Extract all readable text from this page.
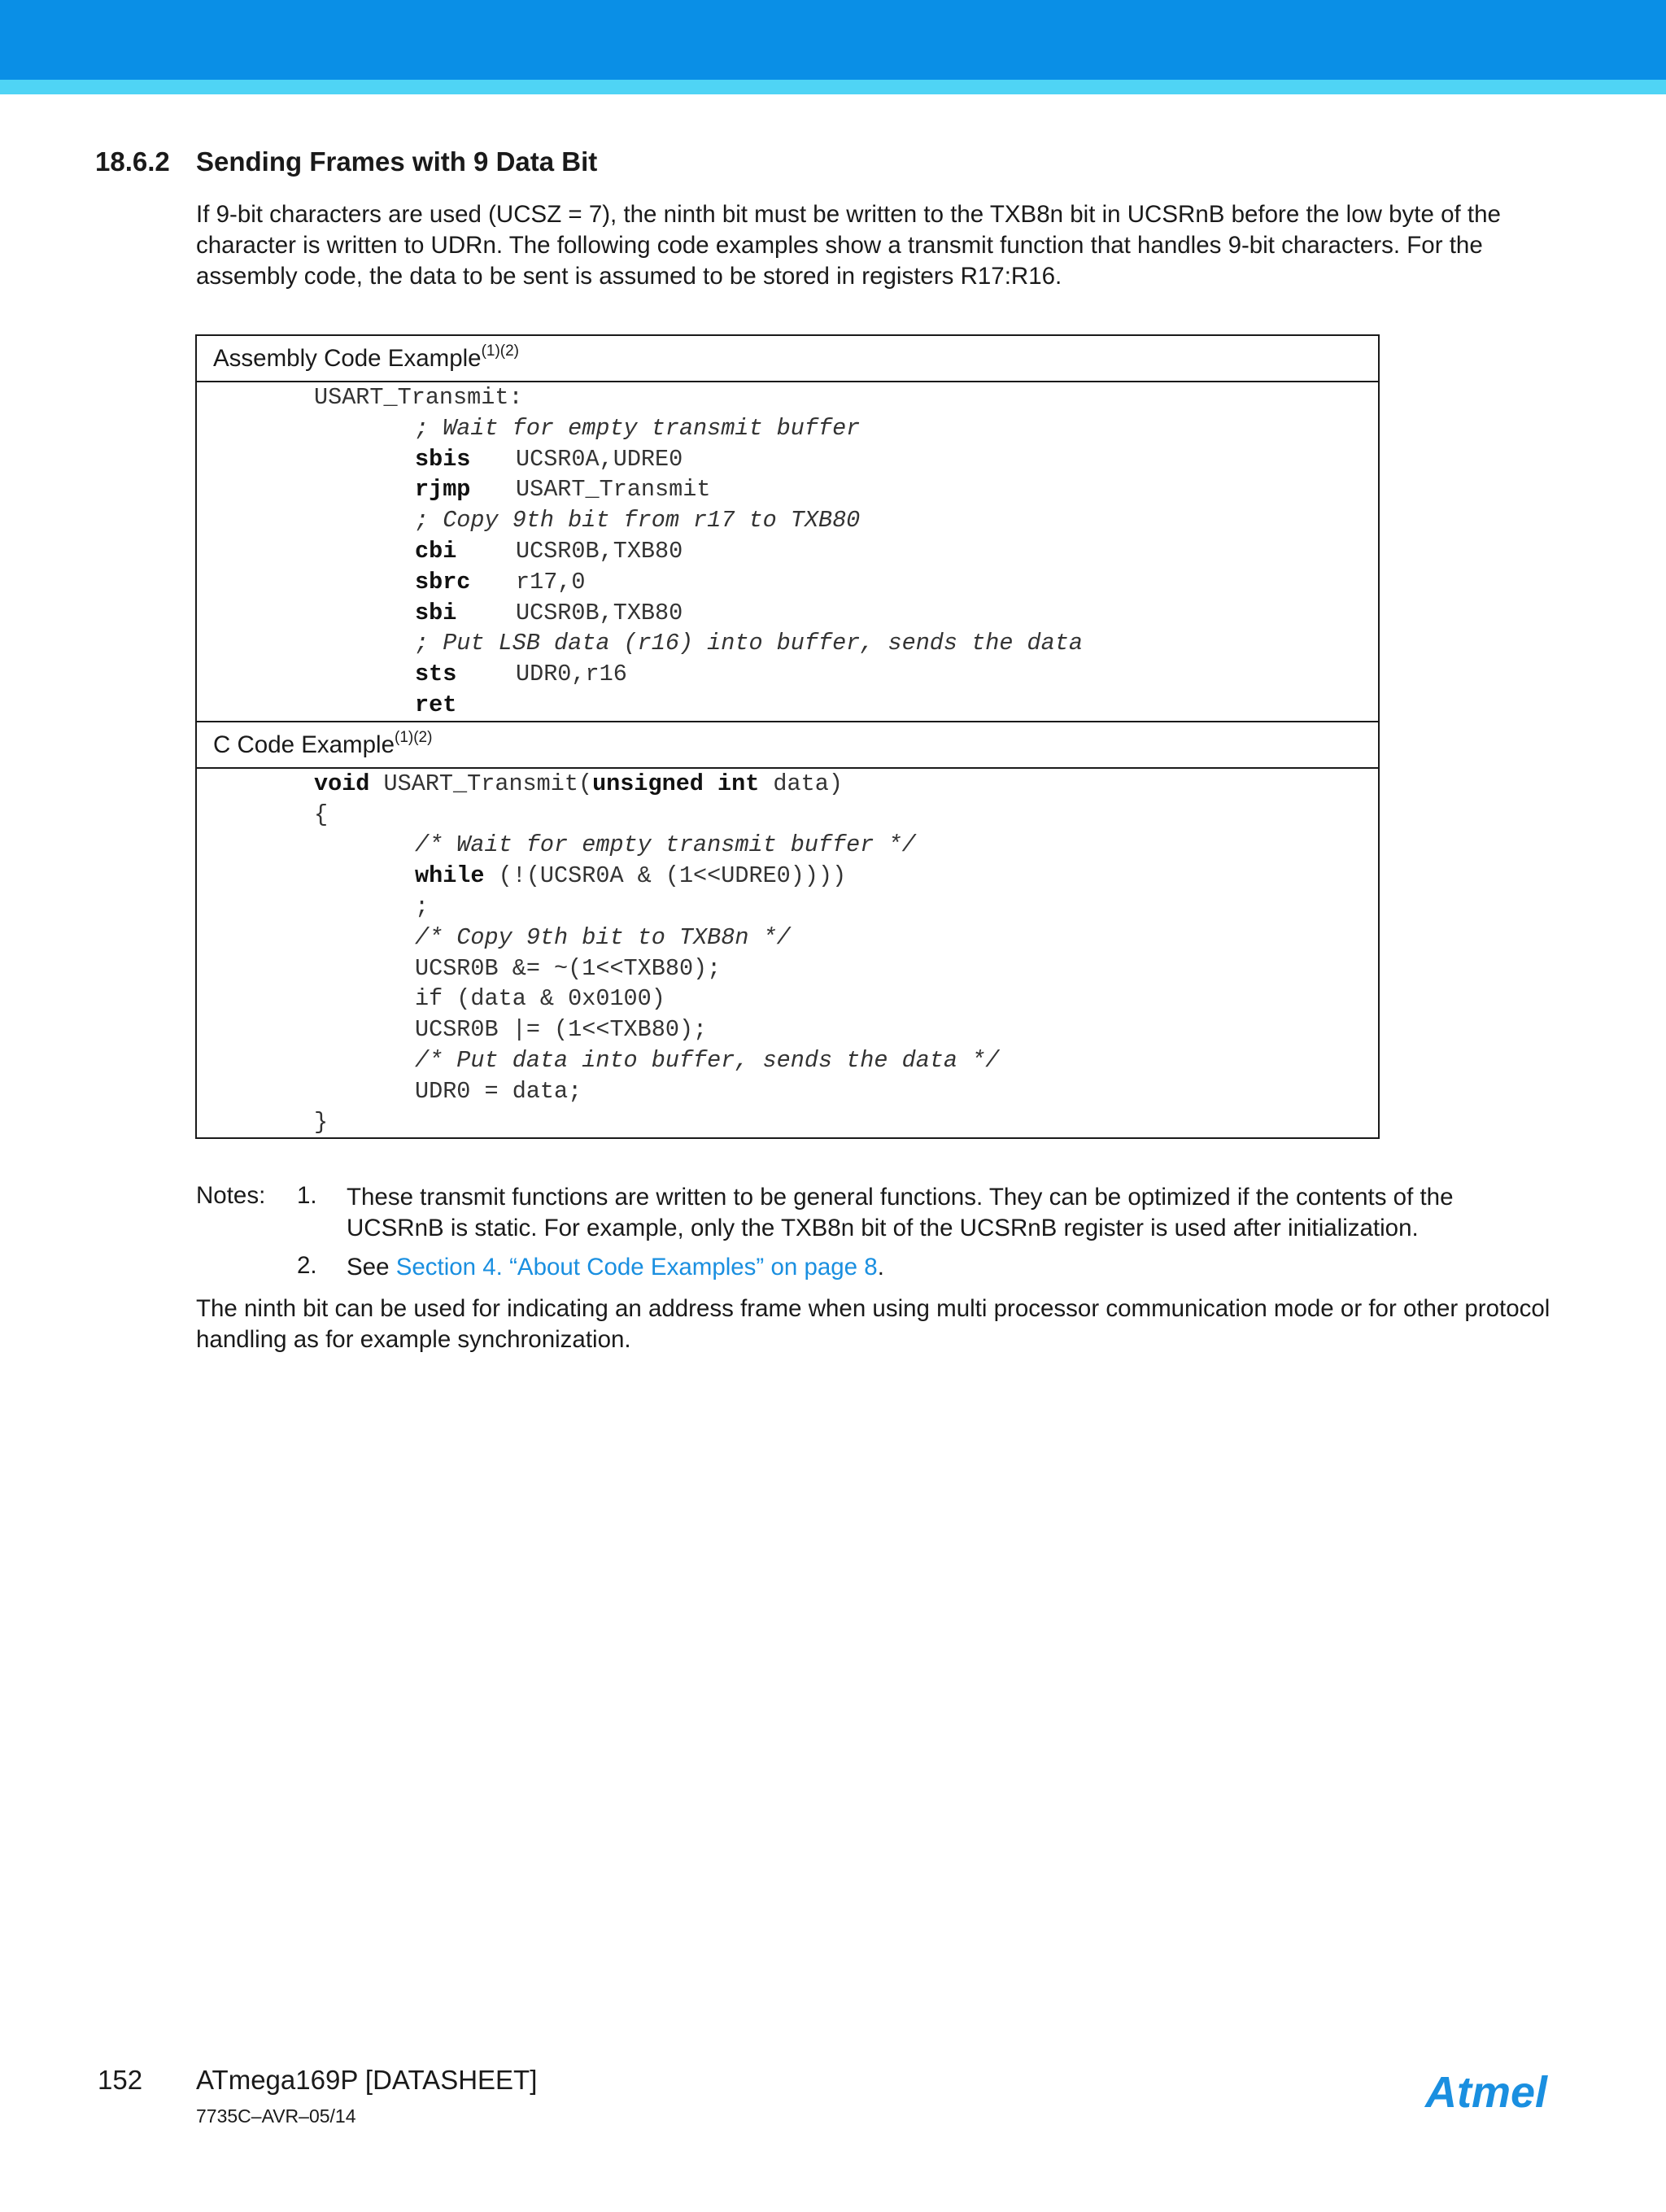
18.6.2 Sending Frames with 9 Data Bit

If 9-bit characters are used (UCSZ = 7), the ninth bit must be written to the TXB8n bit in UCSRnB before the low byte of the character is written to UDRn. The following code examples show a transmit function that handles 9-bit characters. For the assembly code, the data to be sent is assumed to be stored in registers R17:R16.

Assembly Code Example$^{(1)(2)}$

USART_Transmit:
; Wait for empty transmit buffer
sbis UCSR0A,UDRE0
rjmp USART_Transmit
; Copy 9th bit from r17 to TXB80
cbi	UCSR0B,TXB80
sbrc r17,0
sbi	UCSR0B,TXB80
; Put LSB data (r16) into buffer, sends the data
sts	UDR0,r16
ret

C Code Example$^{(1)(2)}$

void USART_Transmit(unsigned int data)
{
/* Wait for empty transmit buffer */
while (!(UCSR0A & (1<<UDRE0))))
;
/* Copy 9th bit to TXB8n */
UCSR0B &= ~(1<<TXB80);
if (data & 0x0100)
UCSR0B |= (1<<TXB80);
/* Put data into buffer, sends the data */
UDR0 = data;
}
Notes: 1. These transmit functions are written to be general functions. They can be optimized if the contents of the UCSRnB is static. For example, only the TXB8n bit of the UCSRnB register is used after initialization.

2. See Section 4. “About Code Examples” on page 8.

The ninth bit can be used for indicating an address frame when using multi processor communication mode or for other protocol handling as for example synchronization.

152 ATmega169P [DATASHEET]
7735C–AVR–05/14	Atmel
